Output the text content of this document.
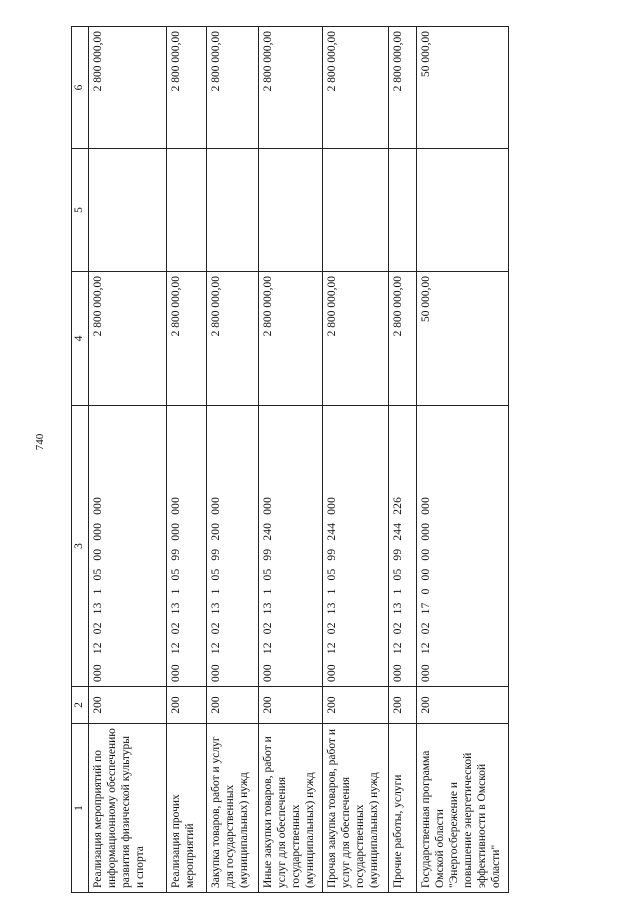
740
1	2	3	4	5	6
Реализация мероприятий по информационному обеспечению развития физической культуры и спорта	200	00012021310500000000	2 800 000,00		2 800 000,00
Реализация прочих мероприятий	200	00012021310599000000	2 800 000,00		2 800 000,00
Закупка товаров, работ и услуг для государственных (муниципальных) нужд	200	00012021310599200000	2 800 000,00		2 800 000,00
Иные закупки товаров, работ и услуг для обеспечения государственных (муниципальных) нужд	200	00012021310599240000	2 800 000,00		2 800 000,00
Прочая закупка товаров, работ и услуг для обеспечения государственных (муниципальных) нужд	200	00012021310599244000	2 800 000,00		2 800 000,00
Прочие работы, услуги	200	00012021310599244226	2 800 000,00		2 800 000,00
Государственная программа Омской области "Энергосбережение и повышение энергетической эффективности в Омской области"	200	00012021700000000000	50 000,00		50 000,00
